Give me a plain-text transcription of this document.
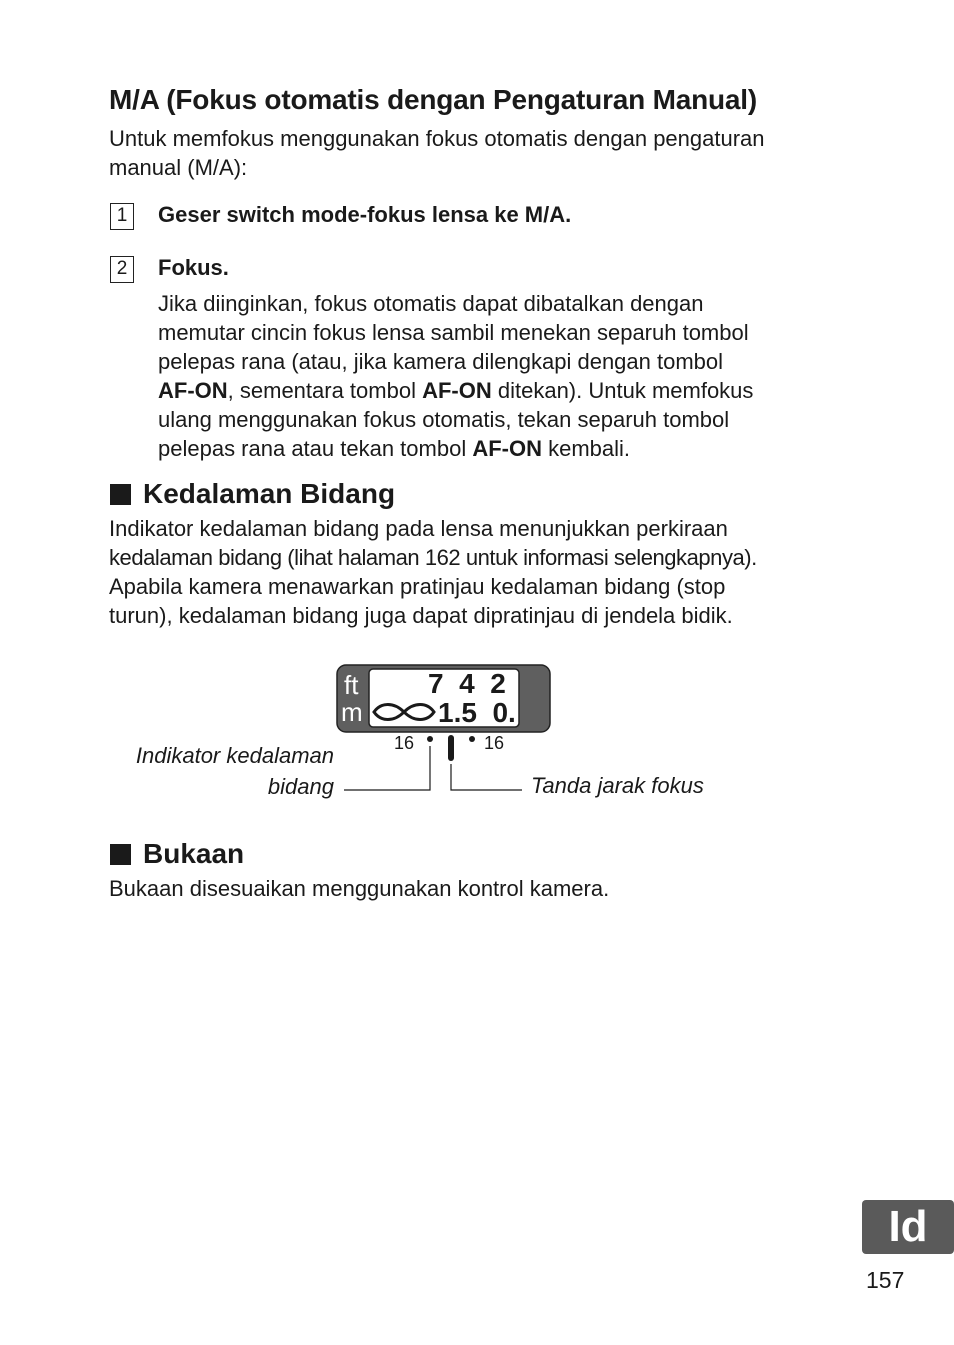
M/A (Fokus otomatis dengan Pengaturan Manual)

Untuk memfokus menggunakan fokus otomatis dengan pengaturan

manual (M/A):

1	Geser switch mode-fokus lensa ke M/A.
2	Fokus.

Jika diinginkan, fokus otomatis dapat dibatalkan dengan

memutar cincin fokus lensa sambil menekan separuh tombol

pelepas rana (atau, jika kamera dilengkapi dengan tombol

AF-ON, sementara tombol AF-ON ditekan). Untuk memfokus

ulang menggunakan fokus otomatis, tekan separuh tombol

pelepas rana atau tekan tombol AF-ON kembali.

Kedalaman Bidang

Indikator kedalaman bidang pada lensa menunjukkan perkiraan

kedalaman bidang (lihat halaman 162 untuk informasi selengkapnya).

Apabila kamera menawarkan pratinjau kedalaman bidang (stop

turun), kedalaman bidang juga dapat dipratinjau di jendela bidik.

ft
m
7  4  2
1.5  0.
16	16
Indikator kedalaman
bidang	Tanda jarak fokus
Bukaan

Bukaan disesuaikan menggunakan kontrol kamera.

Id
157
